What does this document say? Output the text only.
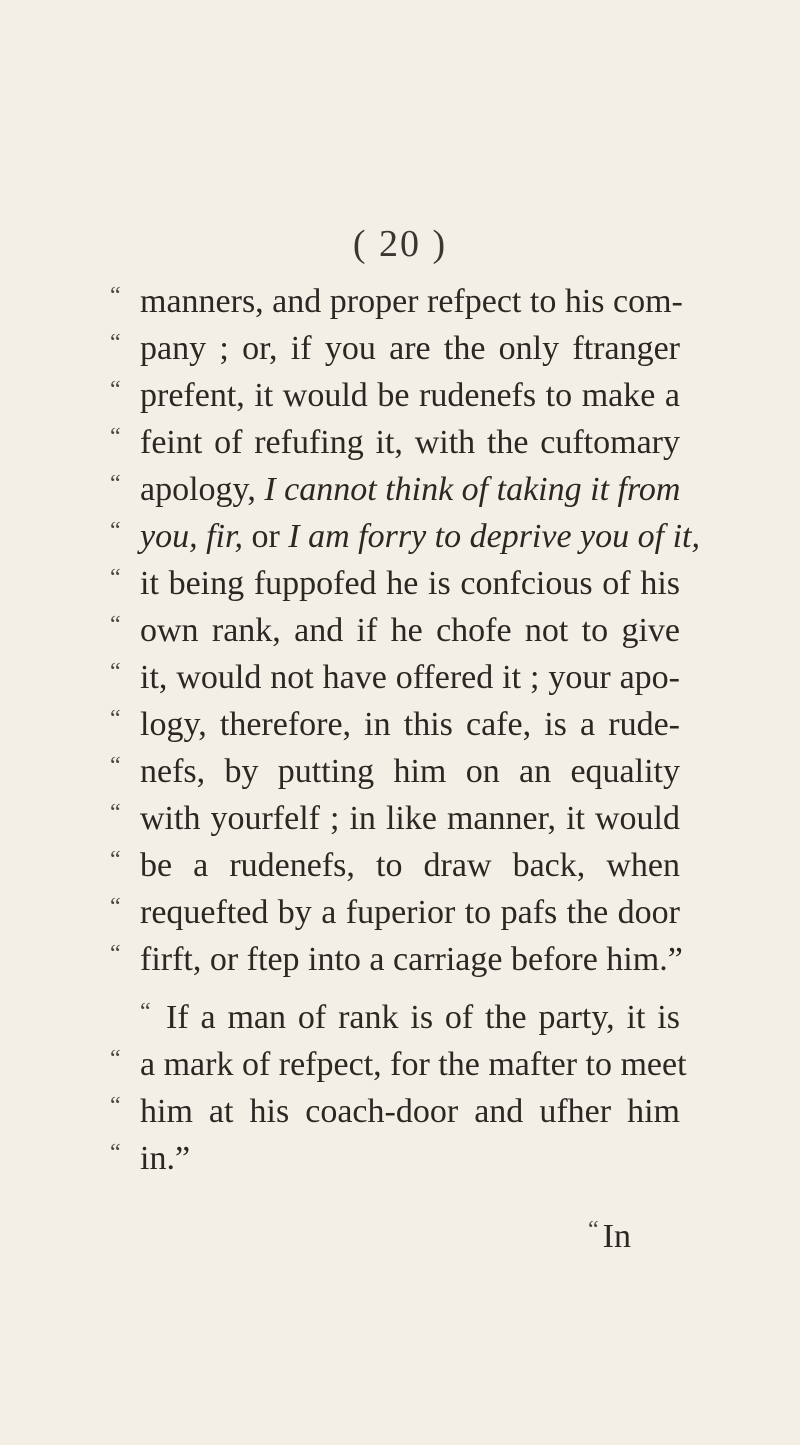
( 20 )
“ manners, and proper refpect to his com-
“ pany ; or, if you are the only ftranger
“ prefent, it would be rudenefs to make a
“ feint of refufing it, with the cuftomary
“ apology, I cannot think of taking it from
“ you, fir, or I am forry to deprive you of it,
“ it being fuppofed he is confcious of his
“ own rank, and if he chofe not to give
“ it, would not have offered it ; your apo-
“ logy, therefore, in this cafe, is a rude-
“ nefs, by putting him on an equality
“ with yourfelf ; in like manner, it would
“ be a rudenefs, to draw back, when
“ requefted by a fuperior to pafs the door
“ firft, or ftep into a carriage before him.”
“ If a man of rank is of the party, it is
“ a mark of refpect, for the mafter to meet
“ him at his coach-door and ufher him
“ in.”
“ In
